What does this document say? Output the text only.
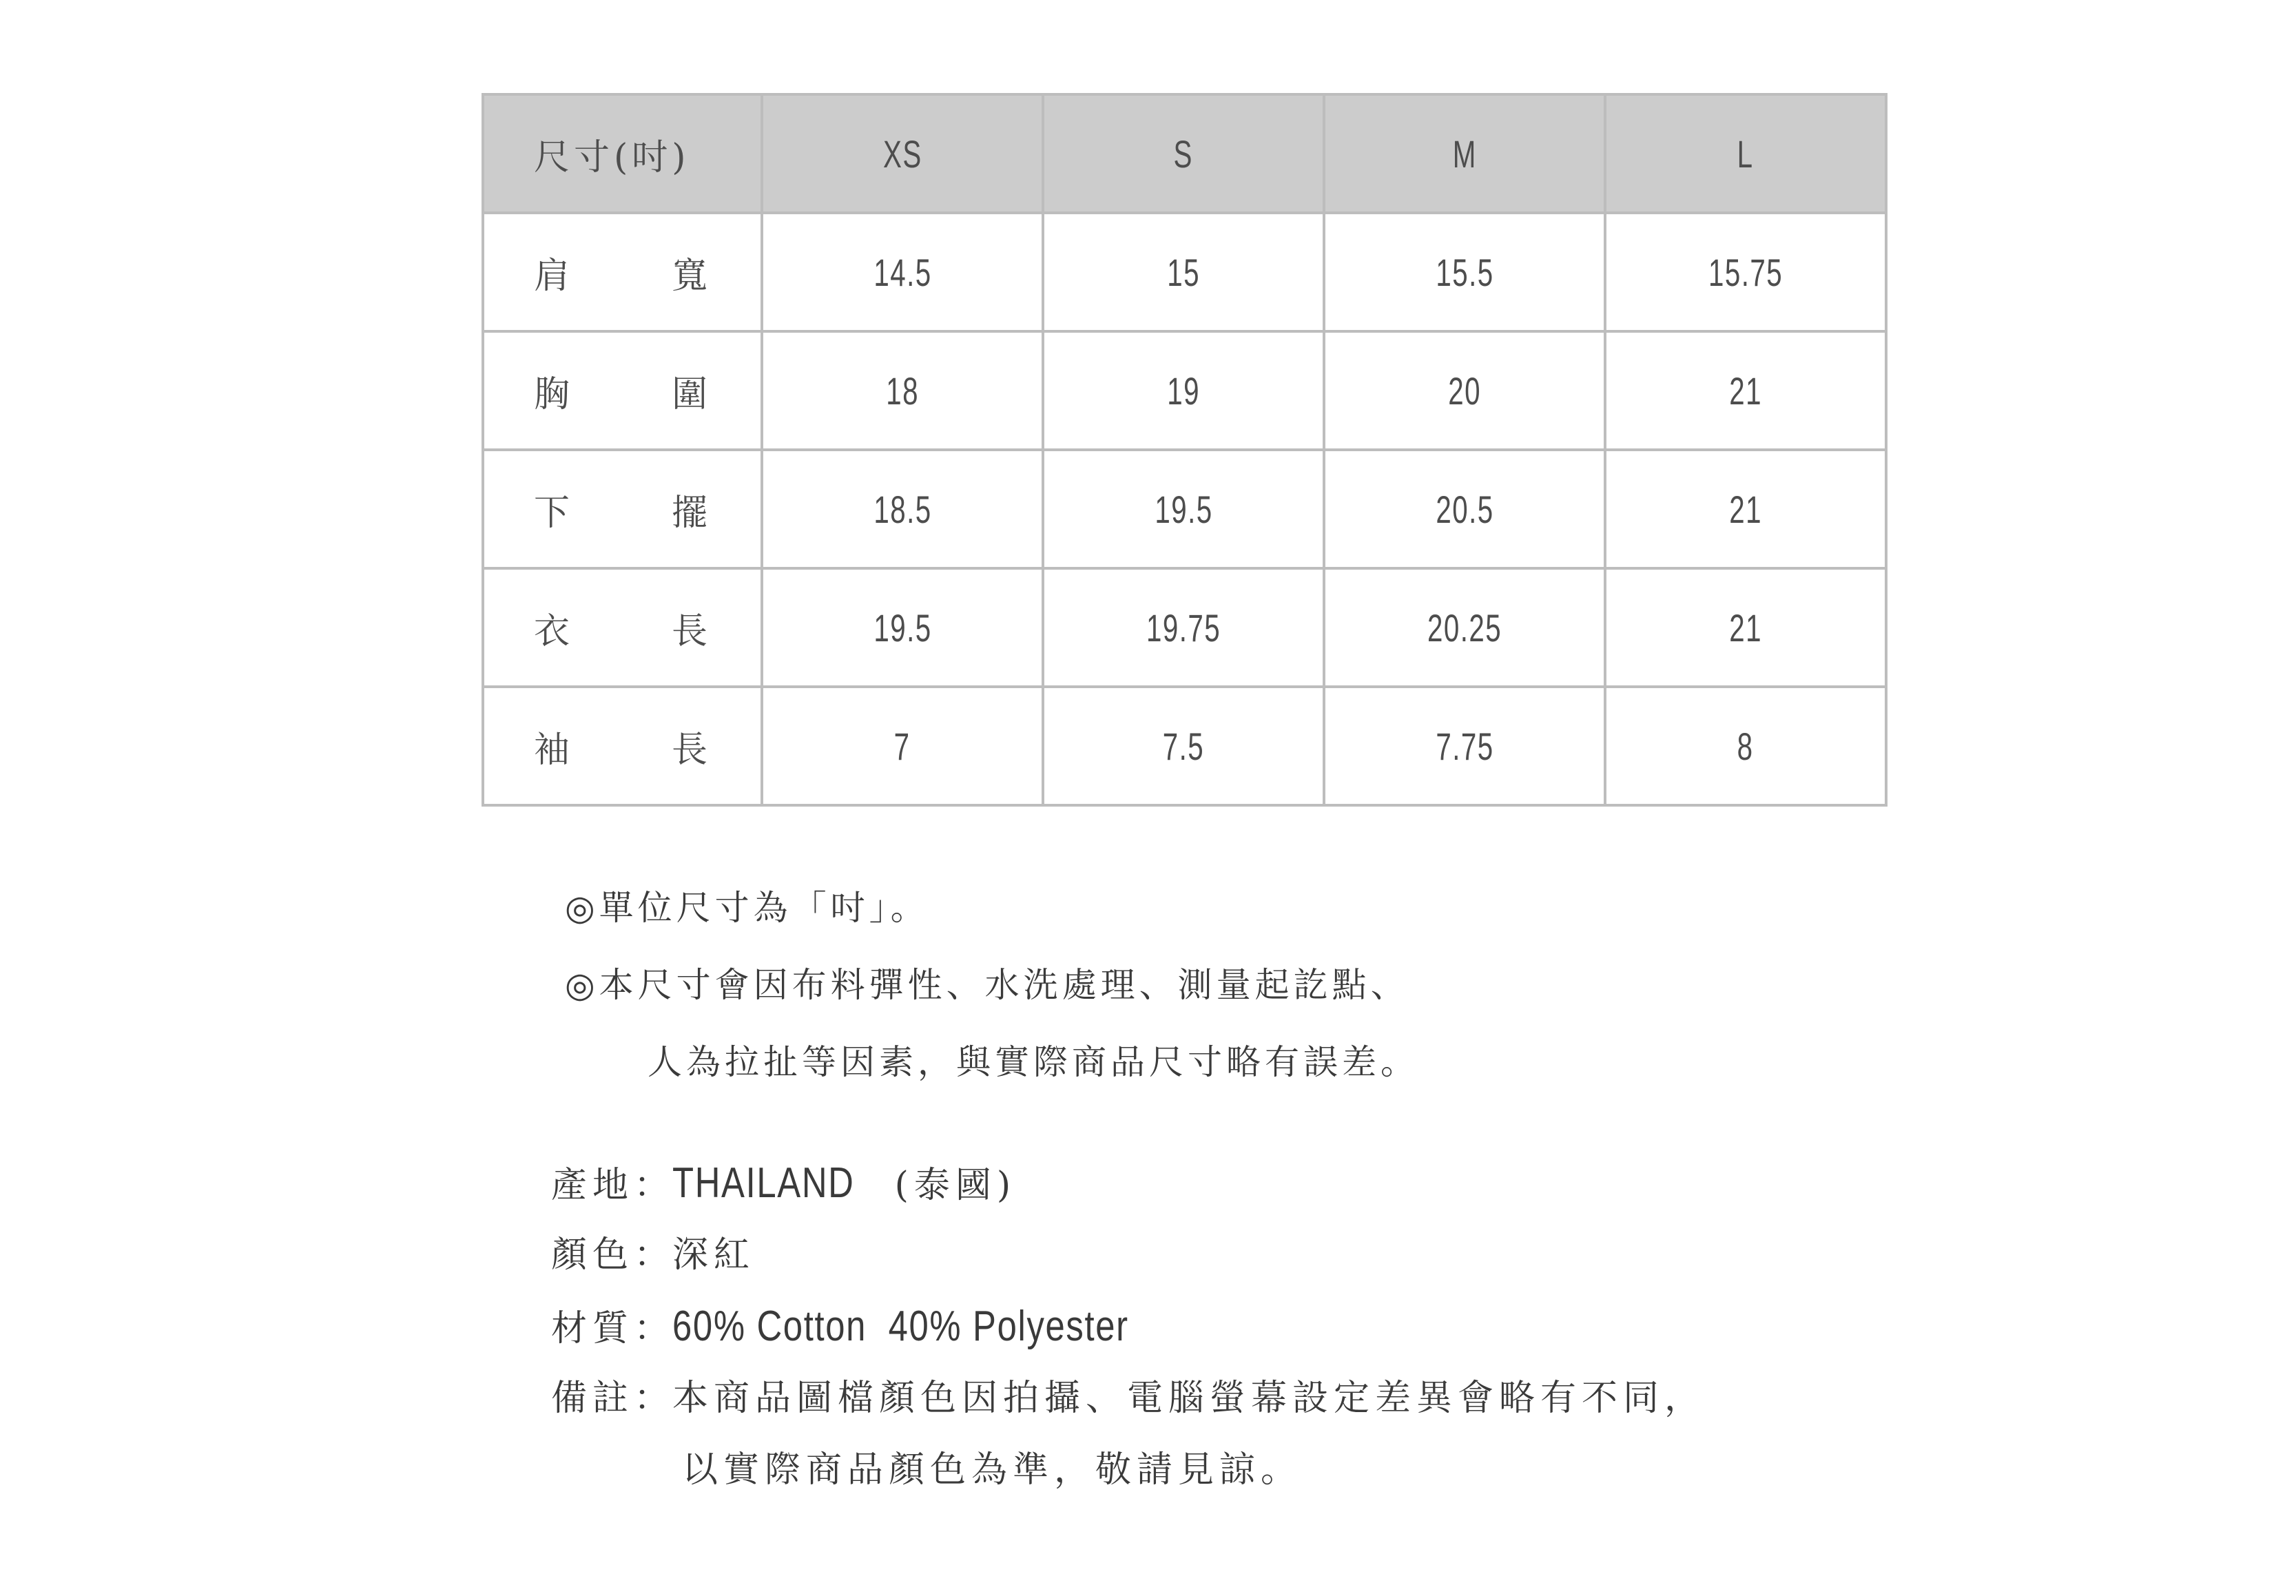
尺寸(吋)	XS	S	M	L
肩 寬	14.5	15	15.5	15.75
胸 圍	18	19	20	21
下 擺	18.5	19.5	20.5	21
衣 長	19.5	19.75	20.25	21
袖 長	7	7.5	7.75	8
◎單位尺寸為「吋」。
◎本尺寸會因布料彈性、水洗處理、測量起訖點、
人為拉扯等因素，與實際商品尺寸略有誤差。
產地 ： THAILAND (泰國)
顏色 ： 深紅
材質 ： 60% Cotton  40% Polyester
備註 ： 本商品圖檔顏色因拍攝、電腦螢幕設定差異會略有不同，
以實際商品顏色為準，敬請見諒。
